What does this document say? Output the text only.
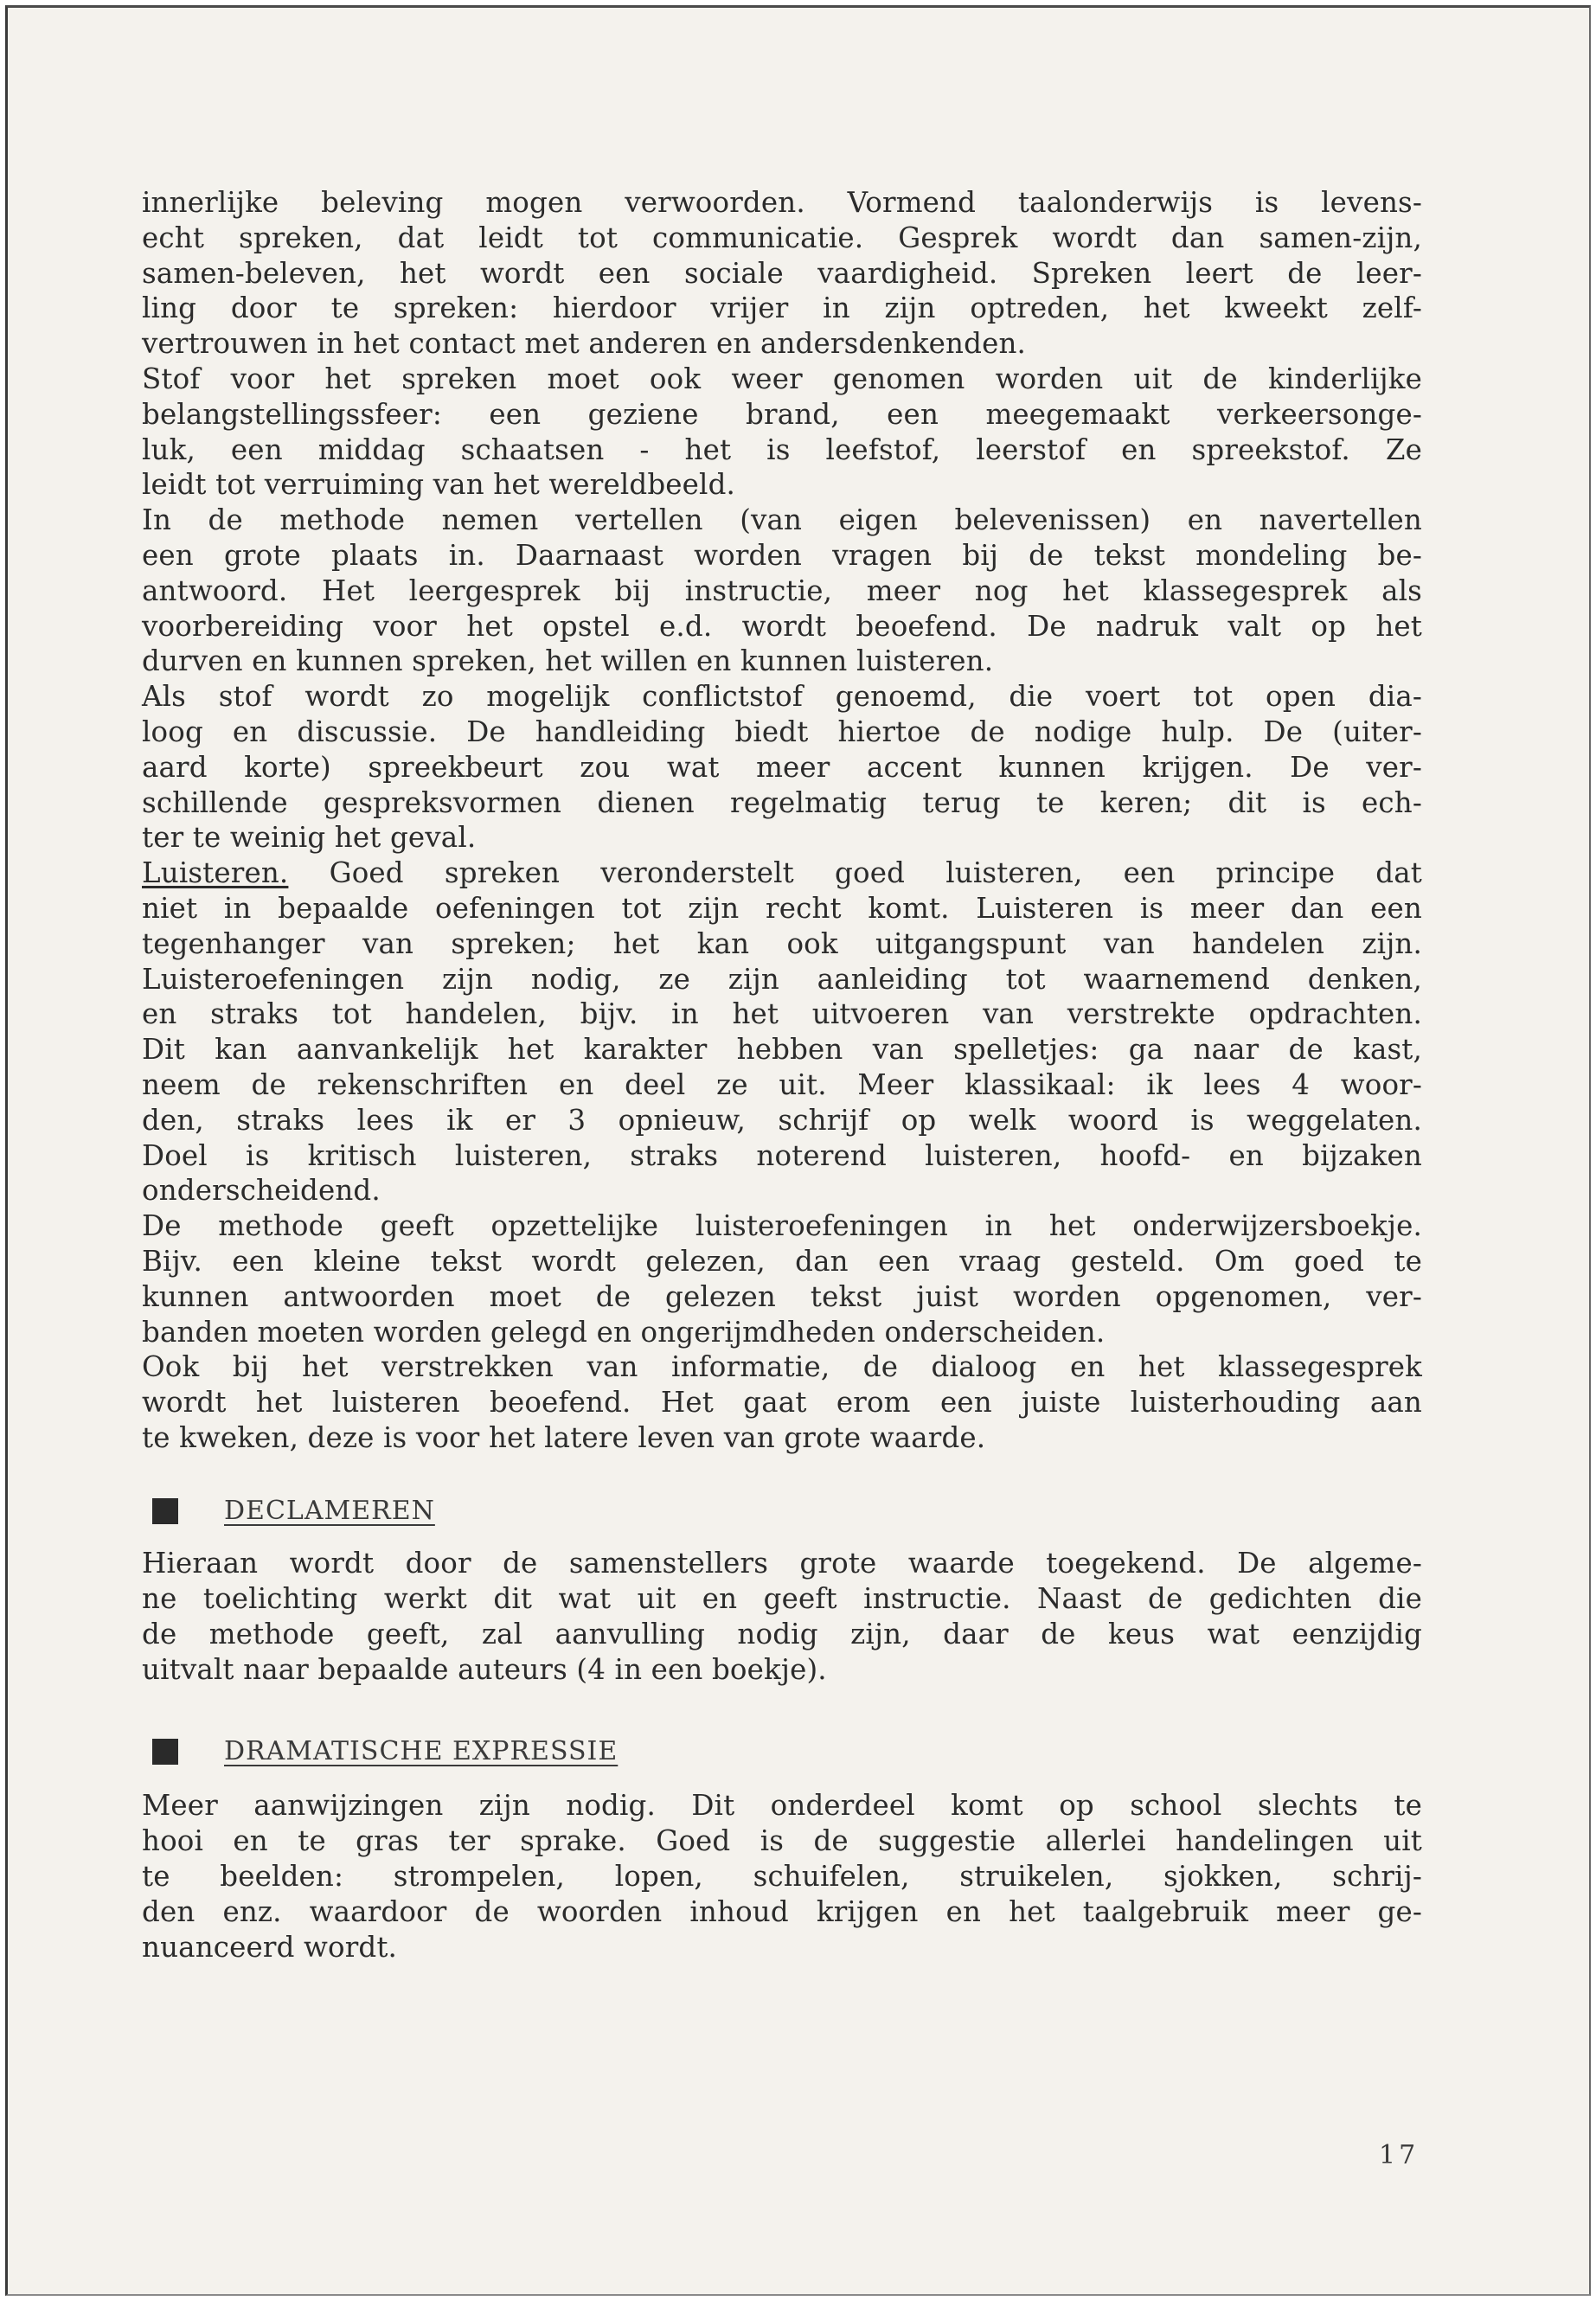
innerlijke beleving mogen verwoorden. Vormend taalonderwijs is levens-
echt spreken, dat leidt tot communicatie. Gesprek wordt dan samen-zijn,
samen-beleven, het wordt een sociale vaardigheid. Spreken leert de leer-
ling door te spreken: hierdoor vrijer in zijn optreden, het kweekt zelf-
vertrouwen in het contact met anderen en andersdenkenden.
Stof voor het spreken moet ook weer genomen worden uit de kinderlijke
belangstellingssfeer: een geziene brand, een meegemaakt verkeersonge-
luk, een middag schaatsen - het is leefstof, leerstof en spreekstof. Ze
leidt tot verruiming van het wereldbeeld.
In de methode nemen vertellen (van eigen belevenissen) en navertellen
een grote plaats in. Daarnaast worden vragen bij de tekst mondeling be-
antwoord. Het leergesprek bij instructie, meer nog het klassegesprek als
voorbereiding voor het opstel e.d. wordt beoefend. De nadruk valt op het
durven en kunnen spreken, het willen en kunnen luisteren.
Als stof wordt zo mogelijk conflictstof genoemd, die voert tot open dia-
loog en discussie. De handleiding biedt hiertoe de nodige hulp. De (uiter-
aard korte) spreekbeurt zou wat meer accent kunnen krijgen. De ver-
schillende gespreksvormen dienen regelmatig terug te keren; dit is ech-
ter te weinig het geval.
Luisteren. Goed spreken veronderstelt goed luisteren, een principe dat
niet in bepaalde oefeningen tot zijn recht komt. Luisteren is meer dan een
tegenhanger van spreken; het kan ook uitgangspunt van handelen zijn.
Luisteroefeningen zijn nodig, ze zijn aanleiding tot waarnemend denken,
en straks tot handelen, bijv. in het uitvoeren van verstrekte opdrachten.
Dit kan aanvankelijk het karakter hebben van spelletjes: ga naar de kast,
neem de rekenschriften en deel ze uit. Meer klassikaal: ik lees 4 woor-
den, straks lees ik er 3 opnieuw, schrijf op welk woord is weggelaten.
Doel is kritisch luisteren, straks noterend luisteren, hoofd- en bijzaken
onderscheidend.
De methode geeft opzettelijke luisteroefeningen in het onderwijzersboekje.
Bijv. een kleine tekst wordt gelezen, dan een vraag gesteld. Om goed te
kunnen antwoorden moet de gelezen tekst juist worden opgenomen, ver-
banden moeten worden gelegd en ongerijmdheden onderscheiden.
Ook bij het verstrekken van informatie, de dialoog en het klassegesprek
wordt het luisteren beoefend. Het gaat erom een juiste luisterhouding aan
te kweken, deze is voor het latere leven van grote waarde.
DECLAMEREN
Hieraan wordt door de samenstellers grote waarde toegekend. De algeme-
ne toelichting werkt dit wat uit en geeft instructie. Naast de gedichten die
de methode geeft, zal aanvulling nodig zijn, daar de keus wat eenzijdig
uitvalt naar bepaalde auteurs (4 in een boekje).
DRAMATISCHE EXPRESSIE
Meer aanwijzingen zijn nodig. Dit onderdeel komt op school slechts te
hooi en te gras ter sprake. Goed is de suggestie allerlei handelingen uit
te beelden: strompelen, lopen, schuifelen, struikelen, sjokken, schrij-
den enz. waardoor de woorden inhoud krijgen en het taalgebruik meer ge-
nuanceerd wordt.
17
